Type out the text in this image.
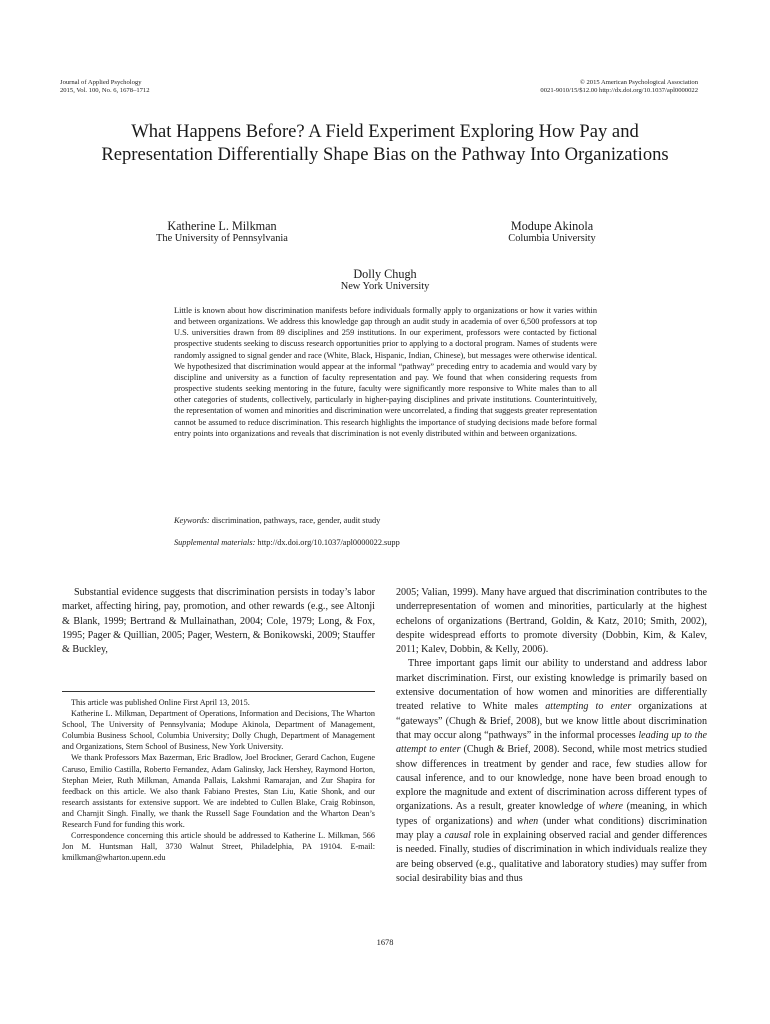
Journal of Applied Psychology
2015, Vol. 100, No. 6, 1678–1712
© 2015 American Psychological Association
0021-9010/15/$12.00 http://dx.doi.org/10.1037/apl0000022
What Happens Before? A Field Experiment Exploring How Pay and Representation Differentially Shape Bias on the Pathway Into Organizations
Katherine L. Milkman
The University of Pennsylvania
Modupe Akinola
Columbia University
Dolly Chugh
New York University

Little is known about how discrimination manifests before individuals formally apply to organizations or how it varies within and between organizations. We address this knowledge gap through an audit study in academia of over 6,500 professors at top U.S. universities drawn from 89 disciplines and 259 institutions. In our experiment, professors were contacted by fictional prospective students seeking to discuss research opportunities prior to applying to a doctoral program. Names of students were randomly assigned to signal gender and race (White, Black, Hispanic, Indian, Chinese), but messages were otherwise identical. We hypothesized that discrimination would appear at the informal “pathway” preceding entry to academia and would vary by discipline and university as a function of faculty representation and pay. We found that when considering requests from prospective students seeking mentoring in the future, faculty were significantly more responsive to White males than to all other categories of students, collectively, particularly in higher-paying disciplines and private institutions. Counterintuitively, the representation of women and minorities and discrimination were uncorrelated, a finding that suggests greater representation cannot be assumed to reduce discrimination. This research highlights the importance of studying decisions made before formal entry points into organizations and reveals that discrimination is not evenly distributed within and between organizations.

Keywords: discrimination, pathways, race, gender, audit study
Supplemental materials: http://dx.doi.org/10.1037/apl0000022.supp

Substantial evidence suggests that discrimination persists in today’s labor market, affecting hiring, pay, promotion, and other rewards (e.g., see Altonji & Blank, 1999; Bertrand & Mullainathan, 2004; Cole, 1979; Long, & Fox, 1995; Pager & Quillian, 2005; Pager, Western, & Bonikowski, 2009; Stauffer & Buckley,

This article was published Online First April 13, 2015.

Katherine L. Milkman, Department of Operations, Information and Decisions, The Wharton School, The University of Pennsylvania; Modupe Akinola, Department of Management, Columbia Business School, Columbia University; Dolly Chugh, Department of Management and Organizations, Stern School of Business, New York University.

We thank Professors Max Bazerman, Eric Bradlow, Joel Brockner, Gerard Cachon, Eugene Caruso, Emilio Castilla, Roberto Fernandez, Adam Galinsky, Jack Hershey, Raymond Horton, Stephan Meier, Ruth Milkman, Amanda Pallais, Lakshmi Ramarajan, and Zur Shapira for feedback on this article. We also thank Fabiano Prestes, Stan Liu, Katie Shonk, and our research assistants for extensive support. We are indebted to Cullen Blake, Craig Robinson, and Charnjit Singh. Finally, we thank the Russell Sage Foundation and the Wharton Dean’s Research Fund for funding this work.

Correspondence concerning this article should be addressed to Katherine L. Milkman, 566 Jon M. Huntsman Hall, 3730 Walnut Street, Philadelphia, PA 19104. E-mail: kmilkman@wharton.upenn.edu

2005; Valian, 1999). Many have argued that discrimination contributes to the underrepresentation of women and minorities, particularly at the highest echelons of organizations (Bertrand, Goldin, & Katz, 2010; Smith, 2002), despite widespread efforts to promote diversity (Dobbin, Kim, & Kalev, 2011; Kalev, Dobbin, & Kelly, 2006).

Three important gaps limit our ability to understand and address labor market discrimination. First, our existing knowledge is primarily based on extensive documentation of how women and minorities are differentially treated relative to White males attempting to enter organizations at “gateways” (Chugh & Brief, 2008), but we know little about discrimination that may occur along “pathways” in the informal processes leading up to the attempt to enter (Chugh & Brief, 2008). Second, while most metrics studied show differences in treatment by gender and race, few studies allow for causal inference, and to our knowledge, none have been broad enough to explore the magnitude and extent of discrimination across different types of organizations. As a result, greater knowledge of where (meaning, in which types of organizations) and when (under what conditions) discrimination may play a causal role in explaining observed racial and gender differences is needed. Finally, studies of discrimination in which individuals realize they are being observed (e.g., qualitative and laboratory studies) may suffer from social desirability bias and thus

1678
